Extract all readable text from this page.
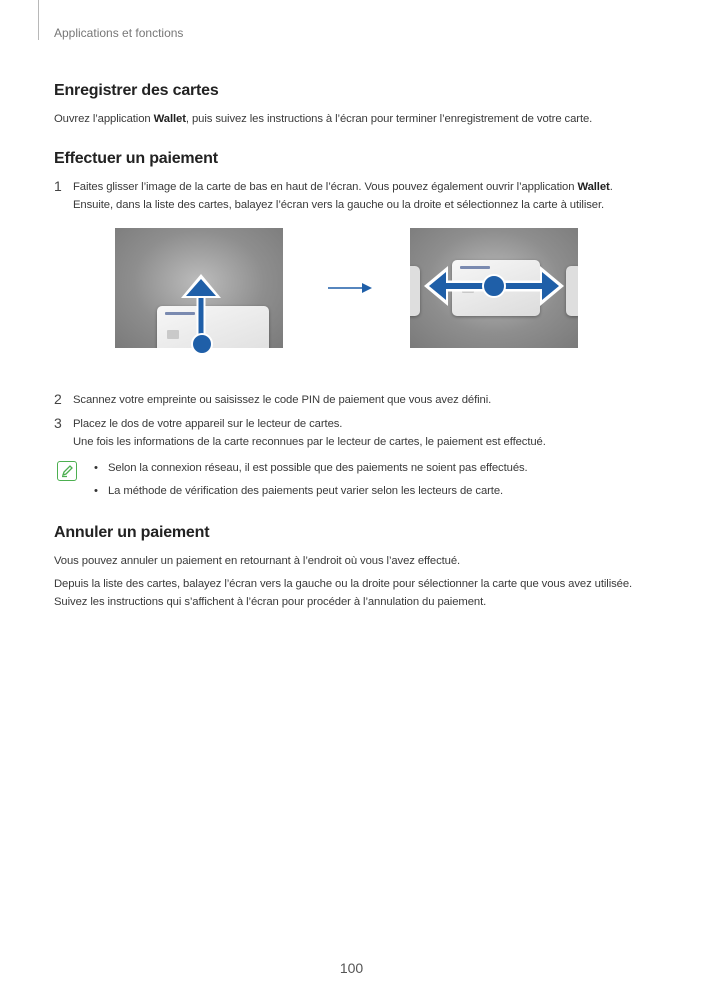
Applications et fonctions
Enregistrer des cartes

Ouvrez l’application Wallet, puis suivez les instructions à l’écran pour terminer l’enregistrement de votre carte.

Effectuer un paiement
1 Faites glisser l’image de la carte de bas en haut de l’écran. Vous pouvez également ouvrir l’application Wallet. Ensuite, dans la liste des cartes, balayez l’écran vers la gauche ou la droite et sélectionnez la carte à utiliser.
2 Scannez votre empreinte ou saisissez le code PIN de paiement que vous avez défini.
3 Placez le dos de votre appareil sur le lecteur de cartes.
Une fois les informations de la carte reconnues par le lecteur de cartes, le paiement est effectué.
• Selon la connexion réseau, il est possible que des paiements ne soient pas effectués.
• La méthode de vérification des paiements peut varier selon les lecteurs de carte.
Annuler un paiement

Vous pouvez annuler un paiement en retournant à l’endroit où vous l’avez effectué.

Depuis la liste des cartes, balayez l’écran vers la gauche ou la droite pour sélectionner la carte que vous avez utilisée. Suivez les instructions qui s’affichent à l’écran pour procéder à l’annulation du paiement.

100
